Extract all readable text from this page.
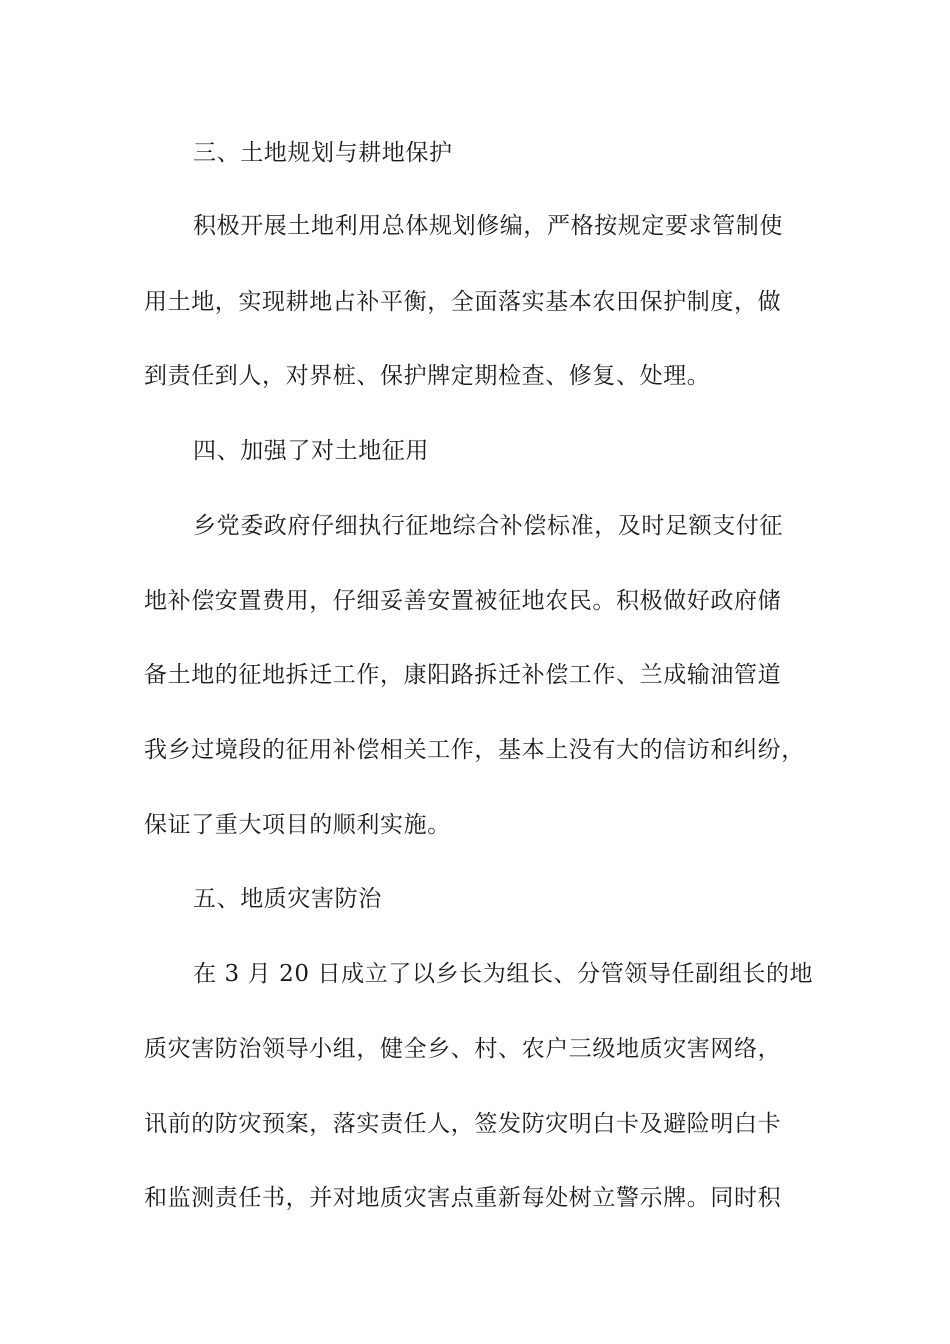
三、土地规划与耕地保护
积极开展土地利用总体规划修编，严格按规定要求管制使
用土地，实现耕地占补平衡，全面落实基本农田保护制度，做
到责任到人，对界桩、保护牌定期检查、修复、处理。
四、加强了对土地征用
乡党委政府仔细执行征地综合补偿标准，及时足额支付征
地补偿安置费用，仔细妥善安置被征地农民。积极做好政府储
备土地的征地拆迁工作，康阳路拆迁补偿工作、兰成输油管道
我乡过境段的征用补偿相关工作，基本上没有大的信访和纠纷，
保证了重大项目的顺利实施。
五、地质灾害防治
在 3 月 20 日成立了以乡长为组长、分管领导任副组长的地
质灾害防治领导小组，健全乡、村、农户三级地质灾害网络，
讯前的防灾预案，落实责任人，签发防灾明白卡及避险明白卡
和监测责任书，并对地质灾害点重新每处树立警示牌。同时积
